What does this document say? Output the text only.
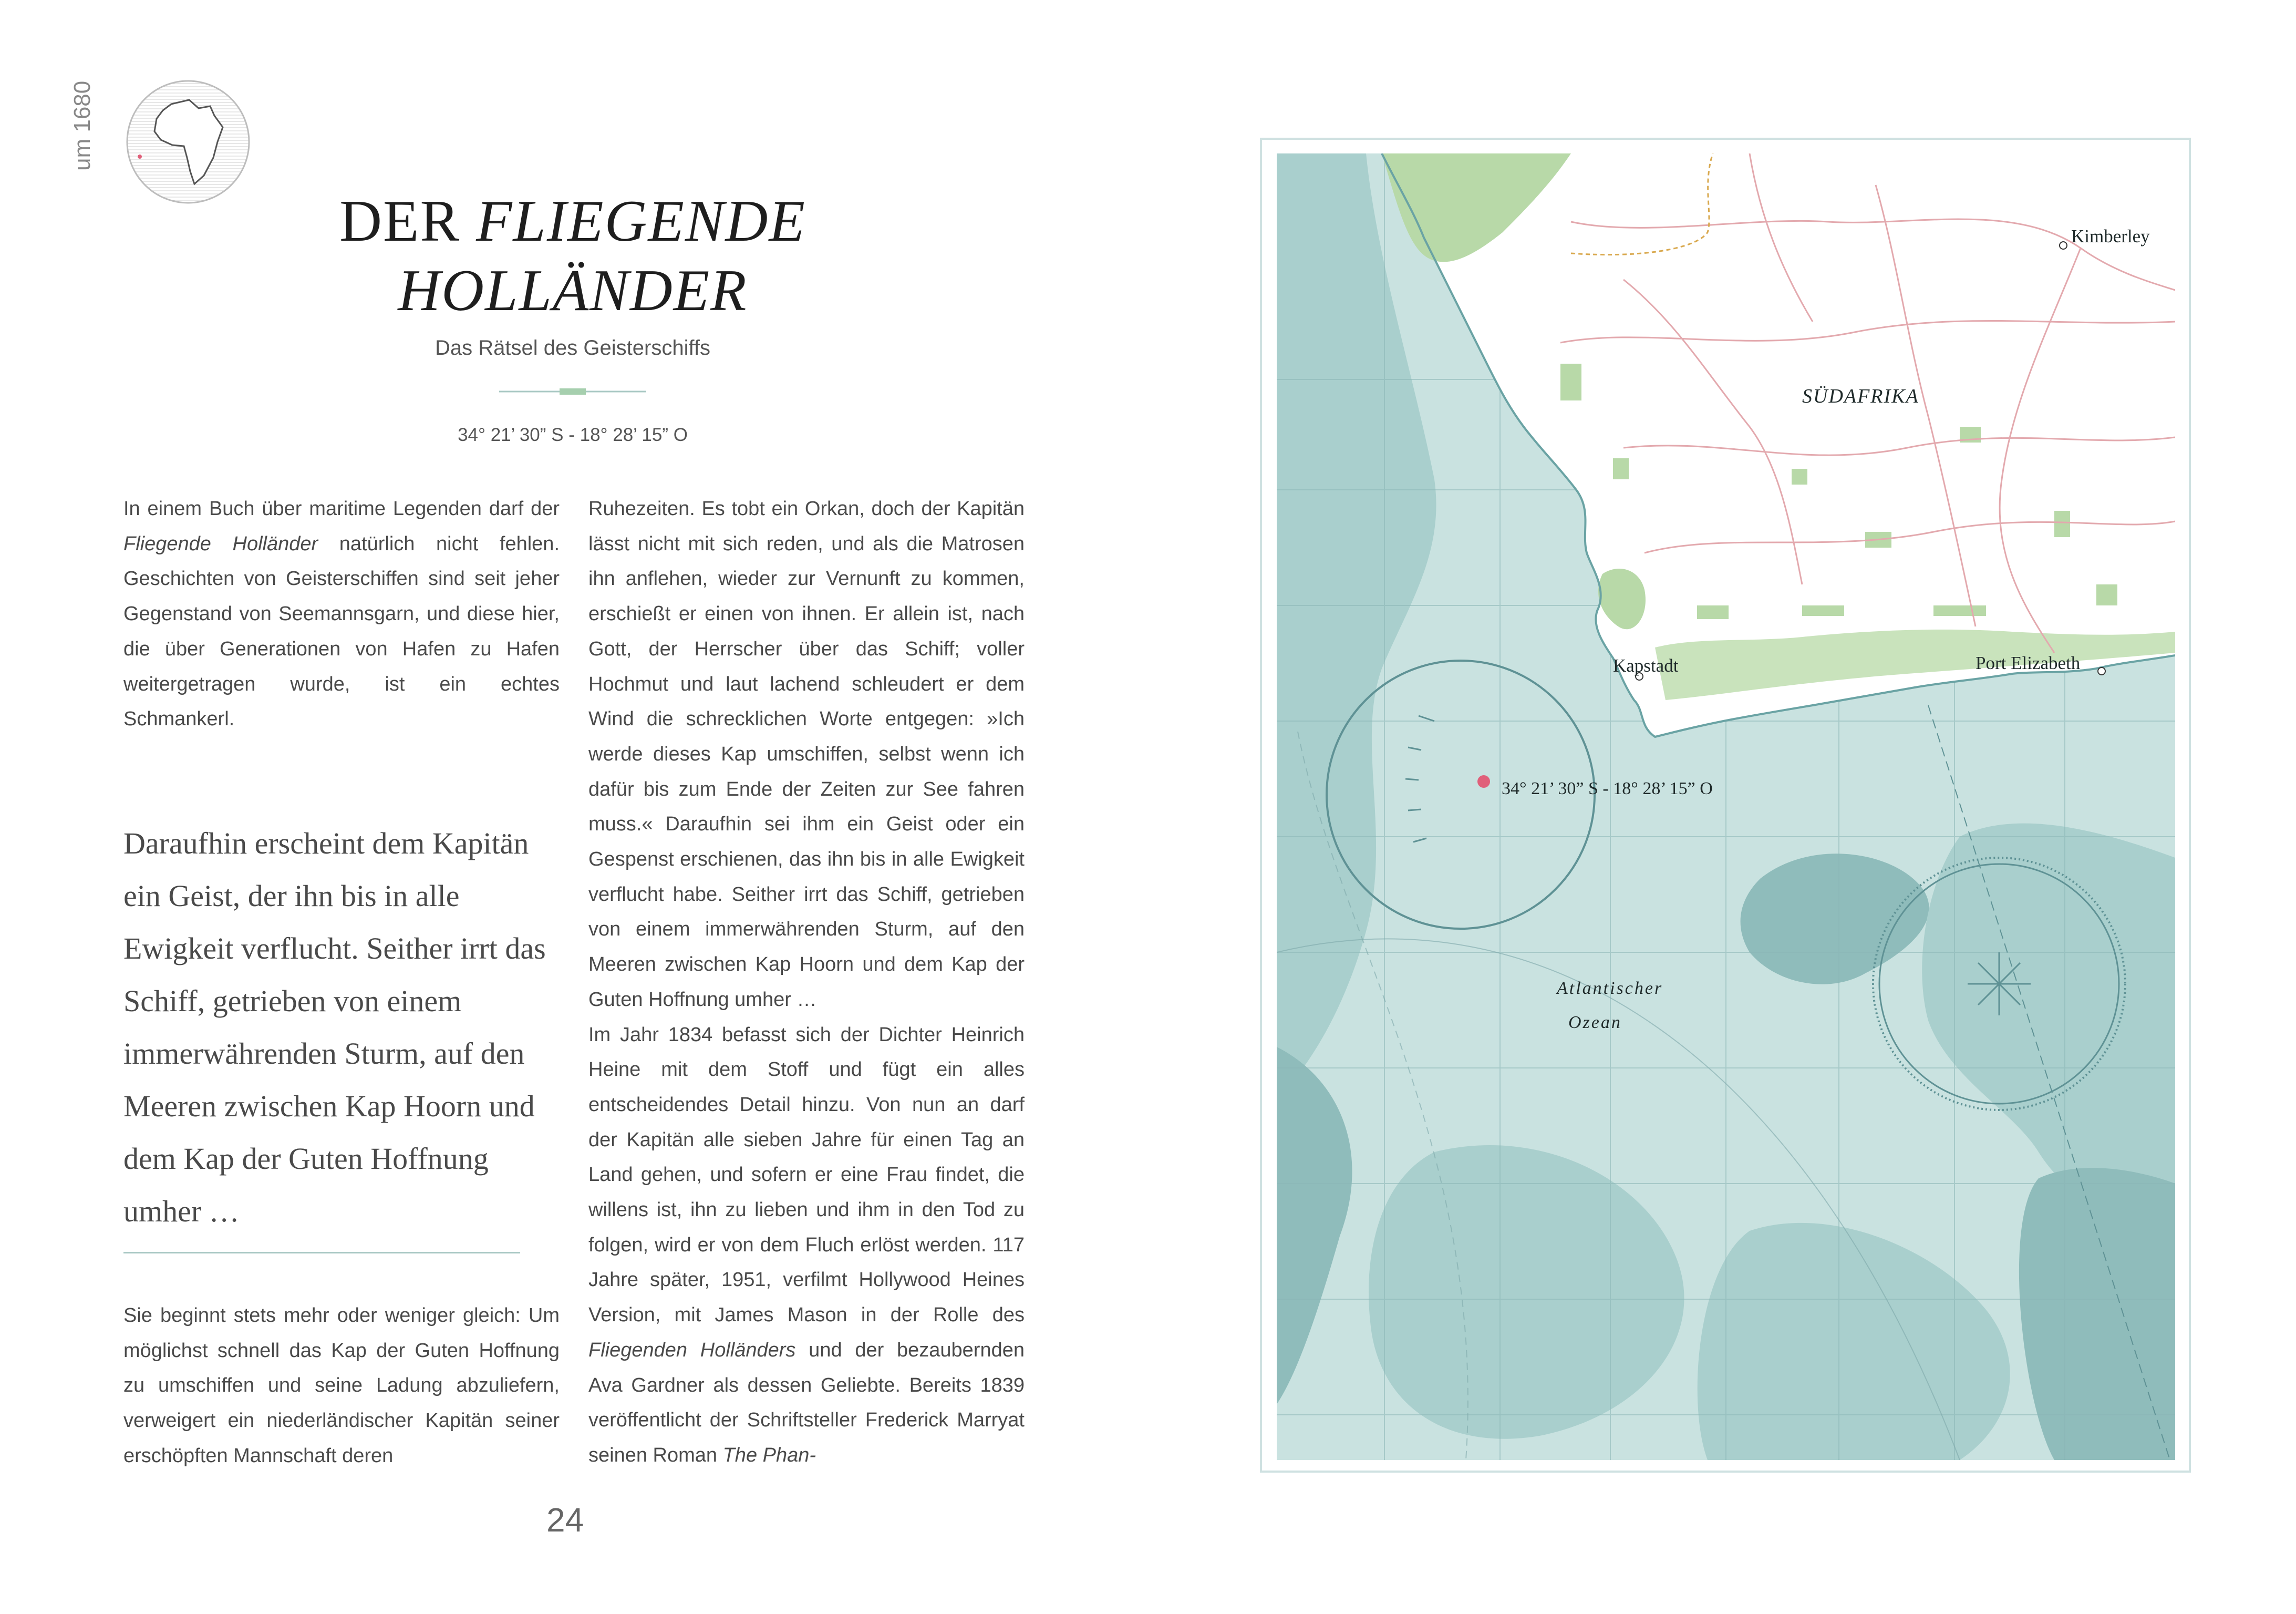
um 1680
DER FLIEGENDE
HOLLÄNDER
Das Rätsel des Geisterschiffs
34° 21’ 30” S - 18° 28’ 15” O

In einem Buch über maritime Legenden darf der Fliegende Holländer natürlich nicht fehlen. Geschichten von Geisterschiffen sind seit jeher Gegenstand von Seemannsgarn, und diese hier, die über Generationen von Hafen zu Hafen weitergetragen wurde, ist ein echtes Schmankerl.

Daraufhin erscheint dem Kapitän ein Geist, der ihn bis in alle Ewigkeit verflucht. Seither irrt das Schiff, getrieben von einem immerwährenden Sturm, auf den Meeren zwischen Kap Hoorn und dem Kap der Guten Hoffnung umher …
Sie beginnt stets mehr oder weniger gleich: Um möglichst schnell das Kap der Guten Hoffnung zu umschiffen und seine Ladung abzuliefern, verweigert ein niederländischer Kapitän seiner erschöpften Mannschaft deren

Ruhezeiten. Es tobt ein Orkan, doch der Kapitän lässt nicht mit sich reden, und als die Matrosen ihn anflehen, wieder zur Vernunft zu kommen, erschießt er einen von ihnen. Er allein ist, nach Gott, der Herrscher über das Schiff; voller Hochmut und laut lachend schleudert er dem Wind die schrecklichen Worte entgegen: »Ich werde dieses Kap umschiffen, selbst wenn ich dafür bis zum Ende der Zeiten zur See fahren muss.« Daraufhin sei ihm ein Geist oder ein Gespenst erschienen, das ihn bis in alle Ewigkeit verflucht habe. Seither irrt das Schiff, getrieben von einem immerwährenden Sturm, auf den Meeren zwischen Kap Hoorn und dem Kap der Guten Hoffnung umher …

Im Jahr 1834 befasst sich der Dichter Heinrich Heine mit dem Stoff und fügt ein alles entscheidendes Detail hinzu. Von nun an darf der Kapitän alle sieben Jahre für einen Tag an Land gehen, und sofern er eine Frau findet, die willens ist, ihn zu lieben und ihm in den Tod zu folgen, wird er von dem Fluch erlöst werden. 117 Jahre später, 1951, verfilmt Hollywood Heines Version, mit James Mason in der Rolle des Fliegenden Holländers und der bezaubernden Ava Gardner als dessen Geliebte. Bereits 1839 veröffentlicht der Schriftsteller Frederick Marryat seinen Roman The Phan-

24
Kimberley
SÜDAFRIKA
Kapstadt	Port Elizabeth
34° 21’ 30” S - 18° 28’ 15” O
Atlantischer
Ozean
